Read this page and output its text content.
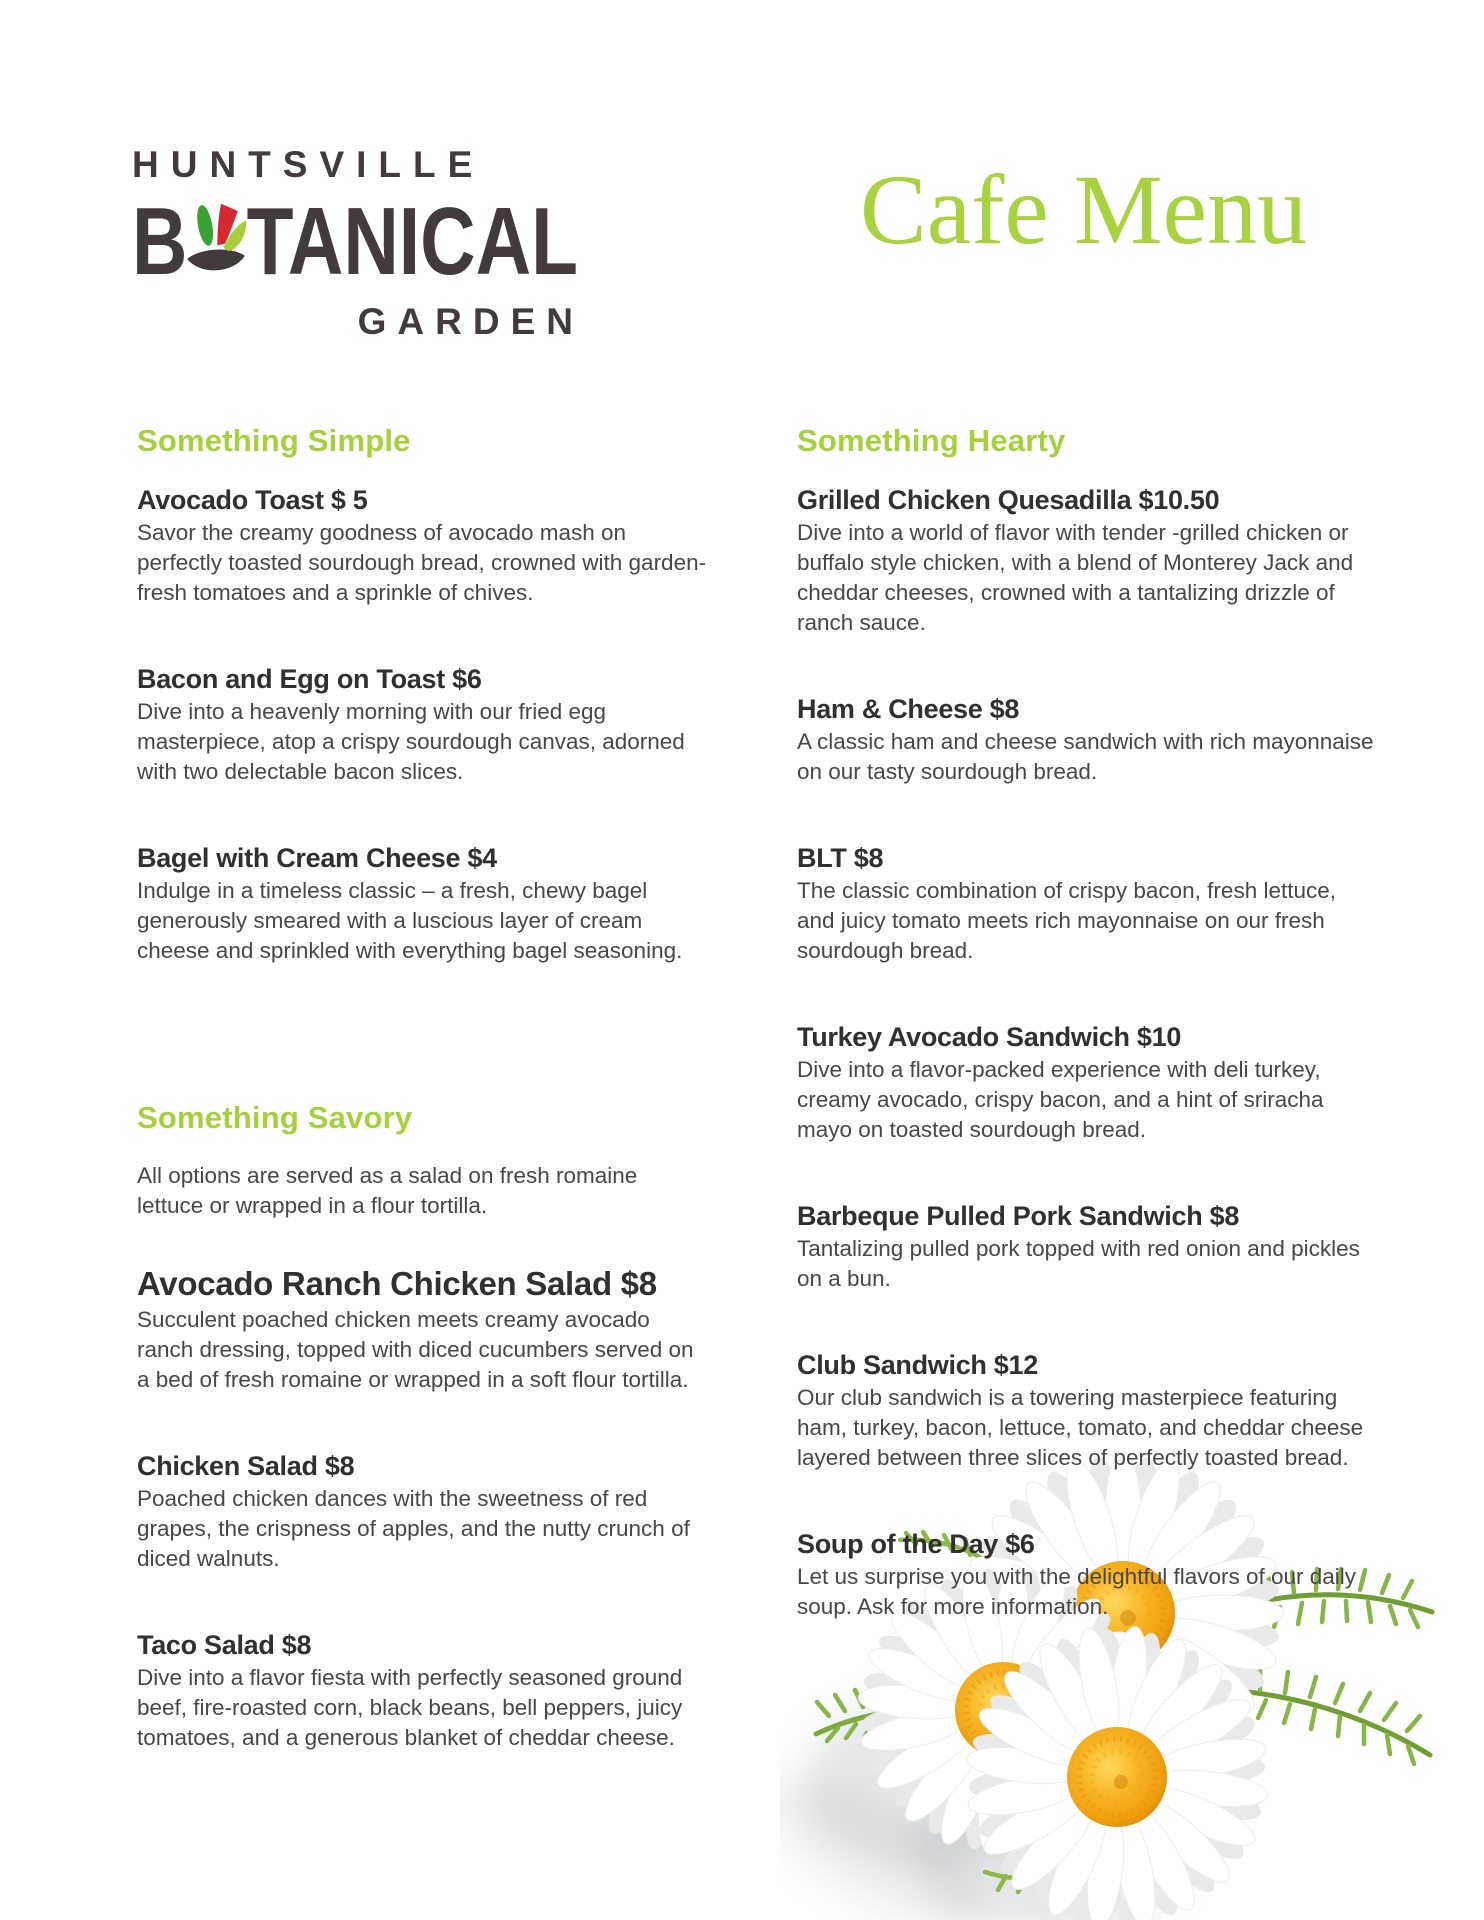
HUNTSVILLE
B TANICAL
GARDEN
Cafe Menu
Something Simple
Avocado Toast $ 5

Savor the creamy goodness of avocado mash on perfectly toasted sourdough bread, crowned with garden-fresh tomatoes and a sprinkle of chives.

Bacon and Egg on Toast $6

Dive into a heavenly morning with our fried egg masterpiece, atop a crispy sourdough canvas, adorned with two delectable bacon slices.

Bagel with Cream Cheese $4

Indulge in a timeless classic – a fresh, chewy bagel generously smeared with a luscious layer of cream cheese and sprinkled with everything bagel seasoning.

Something Savory

All options are served as a salad on fresh romaine lettuce or wrapped in a flour tortilla.

Avocado Ranch Chicken Salad $8

Succulent poached chicken meets creamy avocado ranch dressing, topped with diced cucumbers served on a bed of fresh romaine or wrapped in a soft flour tortilla.

Chicken Salad $8

Poached chicken dances with the sweetness of red grapes, the crispness of apples, and the nutty crunch of diced walnuts.

Taco Salad $8

Dive into a flavor fiesta with perfectly seasoned ground beef, fire-roasted corn, black beans, bell peppers, juicy tomatoes, and a generous blanket of cheddar cheese.

Something Hearty
Grilled Chicken Quesadilla $10.50

Dive into a world of flavor with tender -grilled chicken or buffalo style chicken, with a blend of Monterey Jack and cheddar cheeses, crowned with a tantalizing drizzle of ranch sauce.

Ham & Cheese $8

A classic ham and cheese sandwich with rich mayonnaise on our tasty sourdough bread.

BLT $8

The classic combination of crispy bacon, fresh lettuce, and juicy tomato meets rich mayonnaise on our fresh sourdough bread.

Turkey Avocado Sandwich $10

Dive into a flavor-packed experience with deli turkey, creamy avocado, crispy bacon, and a hint of sriracha mayo on toasted sourdough bread.

Barbeque Pulled Pork Sandwich $8

Tantalizing pulled pork topped with red onion and pickles on a bun.

Club Sandwich $12

Our club sandwich is a towering masterpiece featuring ham, turkey, bacon, lettuce, tomato, and cheddar cheese layered between three slices of perfectly toasted bread.

Soup of the Day $6

Let us surprise you with the delightful flavors of our daily soup. Ask for more information.
